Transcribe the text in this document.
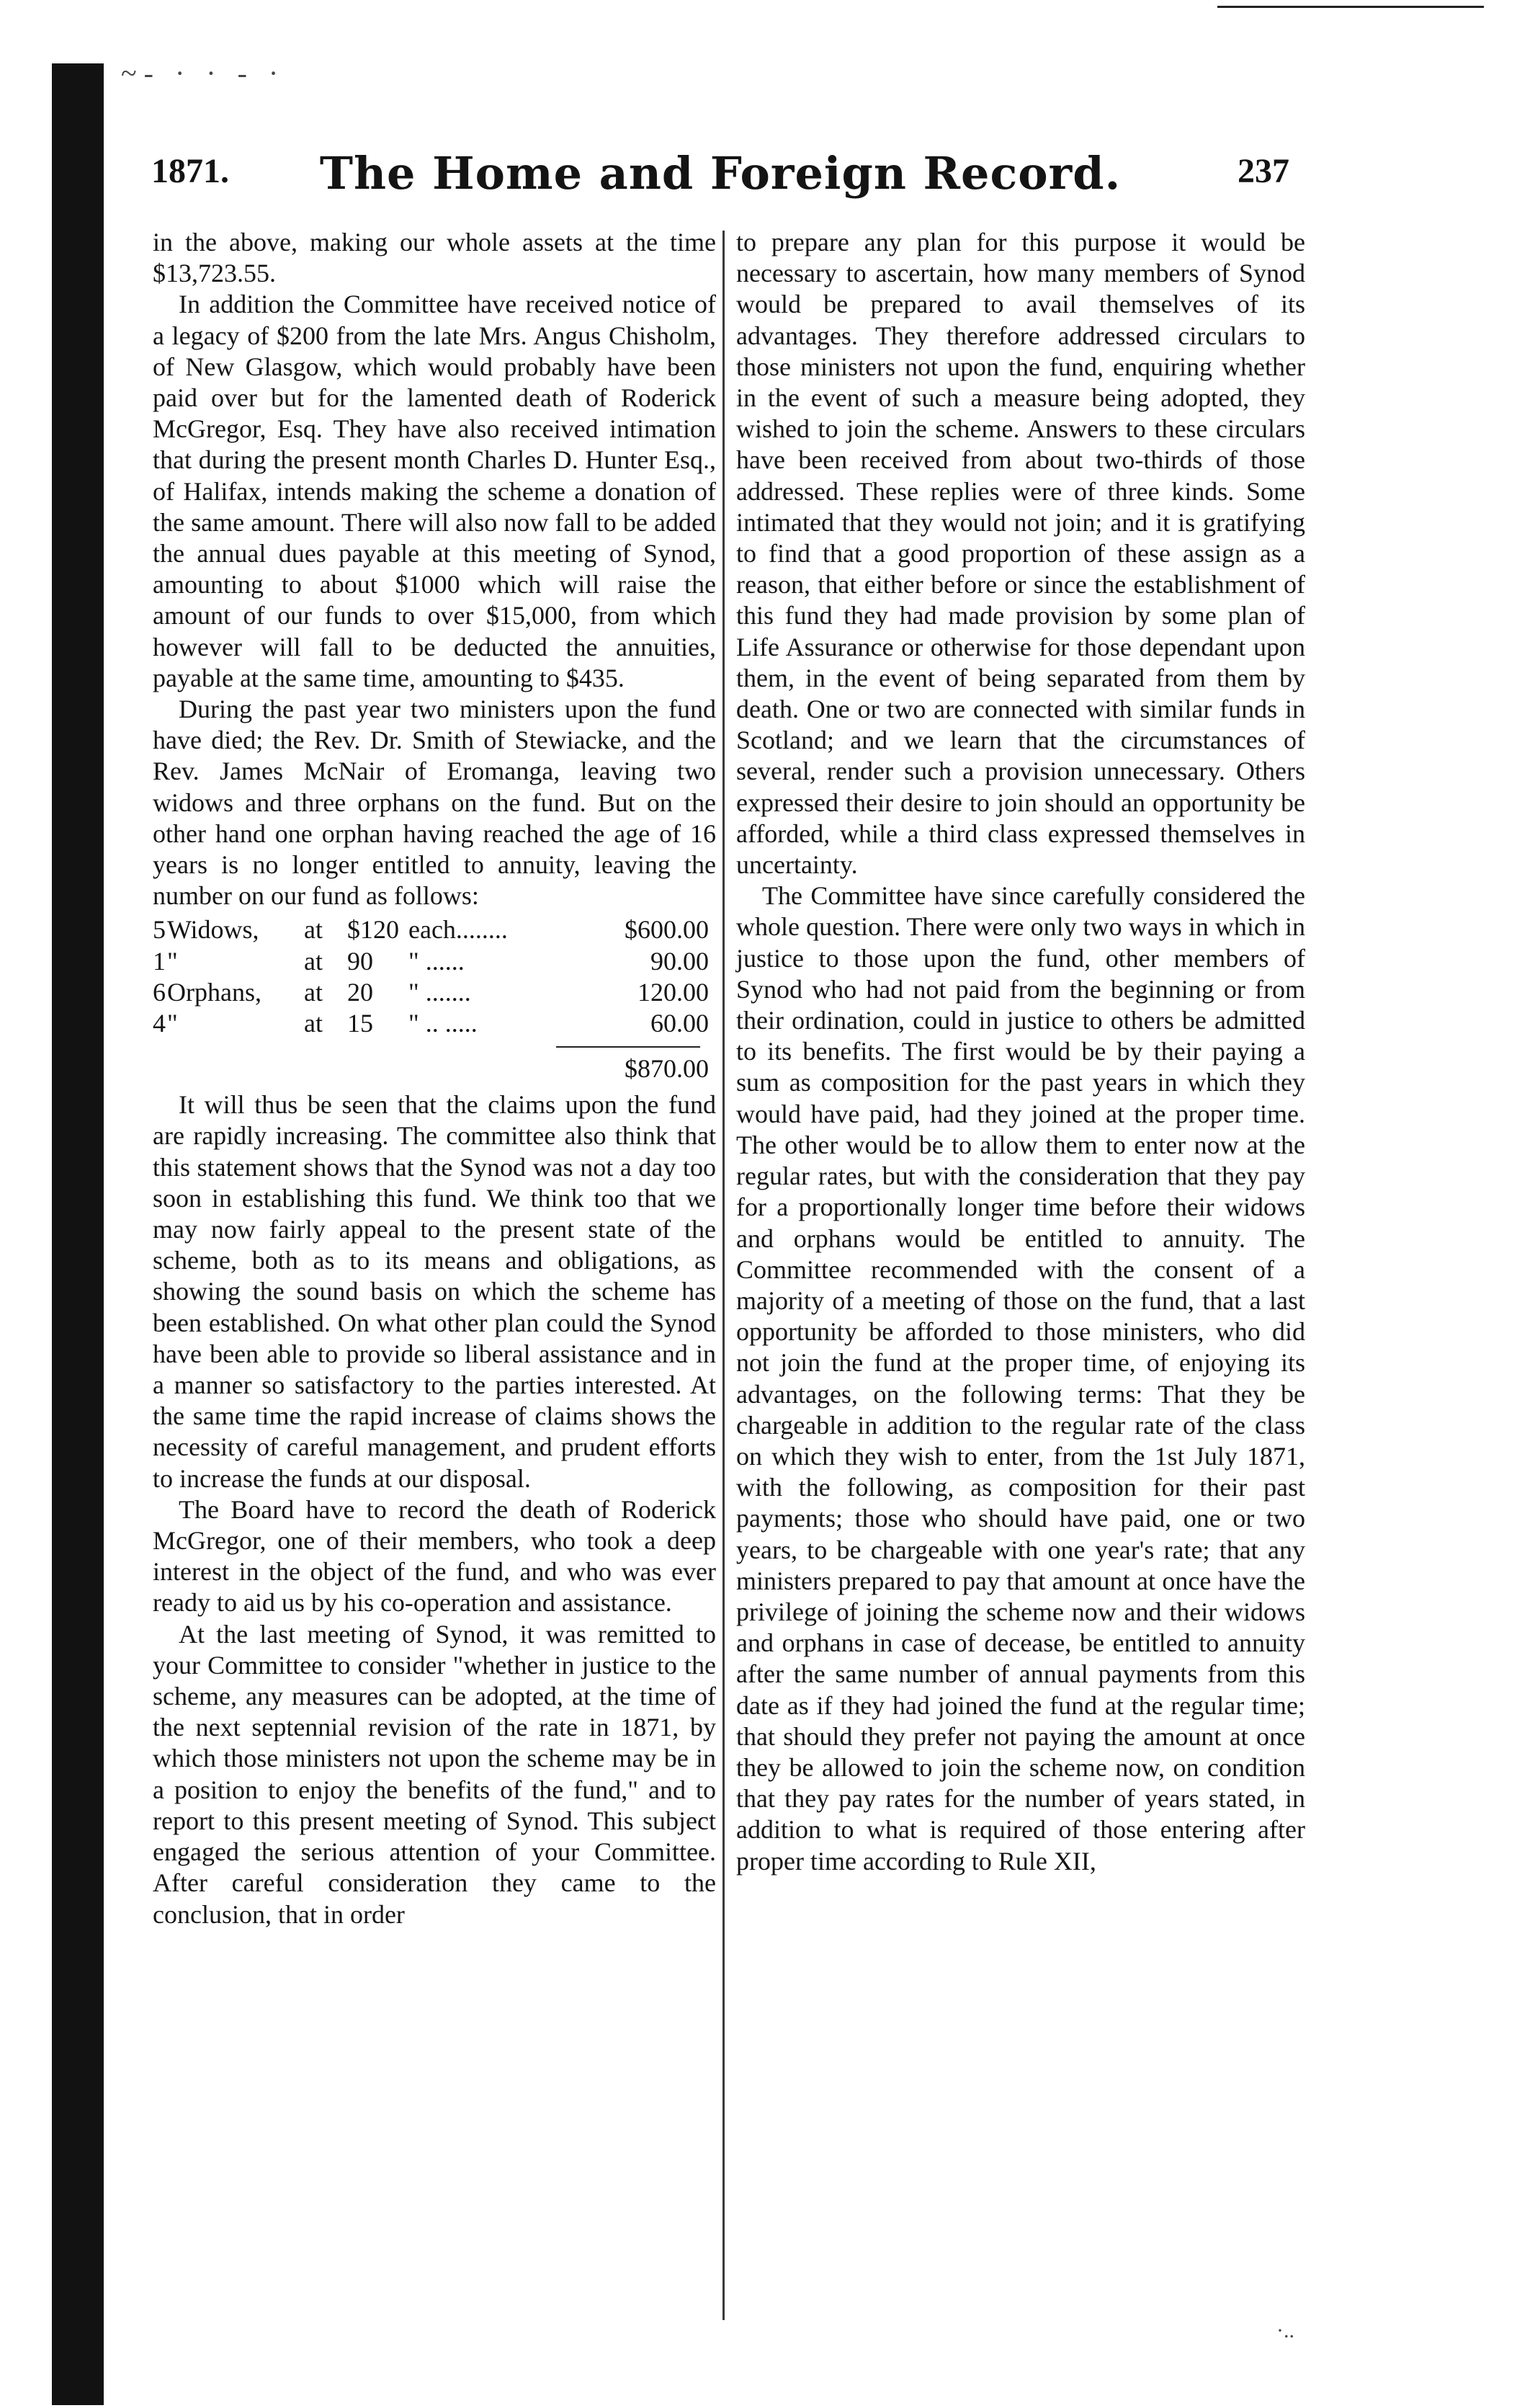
~- · · - ·
1871.	The Home and Foreign Record.	237

in the above, making our whole assets at the time $13,723.55.

In addition the Committee have received notice of a legacy of $200 from the late Mrs. Angus Chisholm, of New Glasgow, which would probably have been paid over but for the lamented death of Roderick McGregor, Esq. They have also received intimation that during the present month Charles D. Hunter Esq., of Halifax, intends making the scheme a donation of the same amount. There will also now fall to be added the annual dues payable at this meeting of Synod, amounting to about $1000 which will raise the amount of our funds to over $15,000, from which however will fall to be deducted the annuities, payable at the same time, amounting to $435.

During the past year two ministers upon the fund have died; the Rev. Dr. Smith of Stewiacke, and the Rev. James McNair of Eromanga, leaving two widows and three orphans on the fund. But on the other hand one orphan having reached the age of 16 years is no longer entitled to annuity, leaving the number on our fund as follows:

5 Widows,	at $120 each........	$600.00
1 "	at 90	" ......	90.00
6 Orphans,	at 20	" .......	120.00
4 "	at 15	" .. .....	60.00
$870.00

It will thus be seen that the claims upon the fund are rapidly increasing. The committee also think that this statement shows that the Synod was not a day too soon in establishing this fund. We think too that we may now fairly appeal to the present state of the scheme, both as to its means and obligations, as showing the sound basis on which the scheme has been established. On what other plan could the Synod have been able to provide so liberal assistance and in a manner so satisfactory to the parties interested. At the same time the rapid increase of claims shows the necessity of careful management, and prudent efforts to increase the funds at our disposal.

The Board have to record the death of Roderick McGregor, one of their members, who took a deep interest in the object of the fund, and who was ever ready to aid us by his co-operation and assistance.

At the last meeting of Synod, it was remitted to your Committee to consider "whether in justice to the scheme, any measures can be adopted, at the time of the next septennial revision of the rate in 1871, by which those ministers not upon the scheme may be in a position to enjoy the benefits of the fund," and to report to this present meeting of Synod. This subject engaged the serious attention of your Committee. After careful consideration they came to the conclusion, that in order

to prepare any plan for this purpose it would be necessary to ascertain, how many members of Synod would be prepared to avail themselves of its advantages. They therefore addressed circulars to those ministers not upon the fund, enquiring whether in the event of such a measure being adopted, they wished to join the scheme. Answers to these circulars have been received from about two-thirds of those addressed. These replies were of three kinds. Some intimated that they would not join; and it is gratifying to find that a good proportion of these assign as a reason, that either before or since the establishment of this fund they had made provision by some plan of Life Assurance or otherwise for those dependant upon them, in the event of being separated from them by death. One or two are connected with similar funds in Scotland; and we learn that the circumstances of several, render such a provision unnecessary. Others expressed their desire to join should an opportunity be afforded, while a third class expressed themselves in uncertainty.

The Committee have since carefully considered the whole question. There were only two ways in which in justice to those upon the fund, other members of Synod who had not paid from the beginning or from their ordination, could in justice to others be admitted to its benefits. The first would be by their paying a sum as composition for the past years in which they would have paid, had they joined at the proper time. The other would be to allow them to enter now at the regular rates, but with the consideration that they pay for a proportionally longer time before their widows and orphans would be entitled to annuity. The Committee recommended with the consent of a majority of a meeting of those on the fund, that a last opportunity be afforded to those ministers, who did not join the fund at the proper time, of enjoying its advantages, on the following terms: That they be chargeable in addition to the regular rate of the class on which they wish to enter, from the 1st July 1871, with the following, as composition for their past payments; those who should have paid, one or two years, to be chargeable with one year's rate; that any ministers prepared to pay that amount at once have the privilege of joining the scheme now and their widows and orphans in case of decease, be entitled to annuity after the same number of annual payments from this date as if they had joined the fund at the regular time; that should they prefer not paying the amount at once they be allowed to join the scheme now, on condition that they pay rates for the number of years stated, in addition to what is required of those entering after proper time according to Rule XII,

·..
